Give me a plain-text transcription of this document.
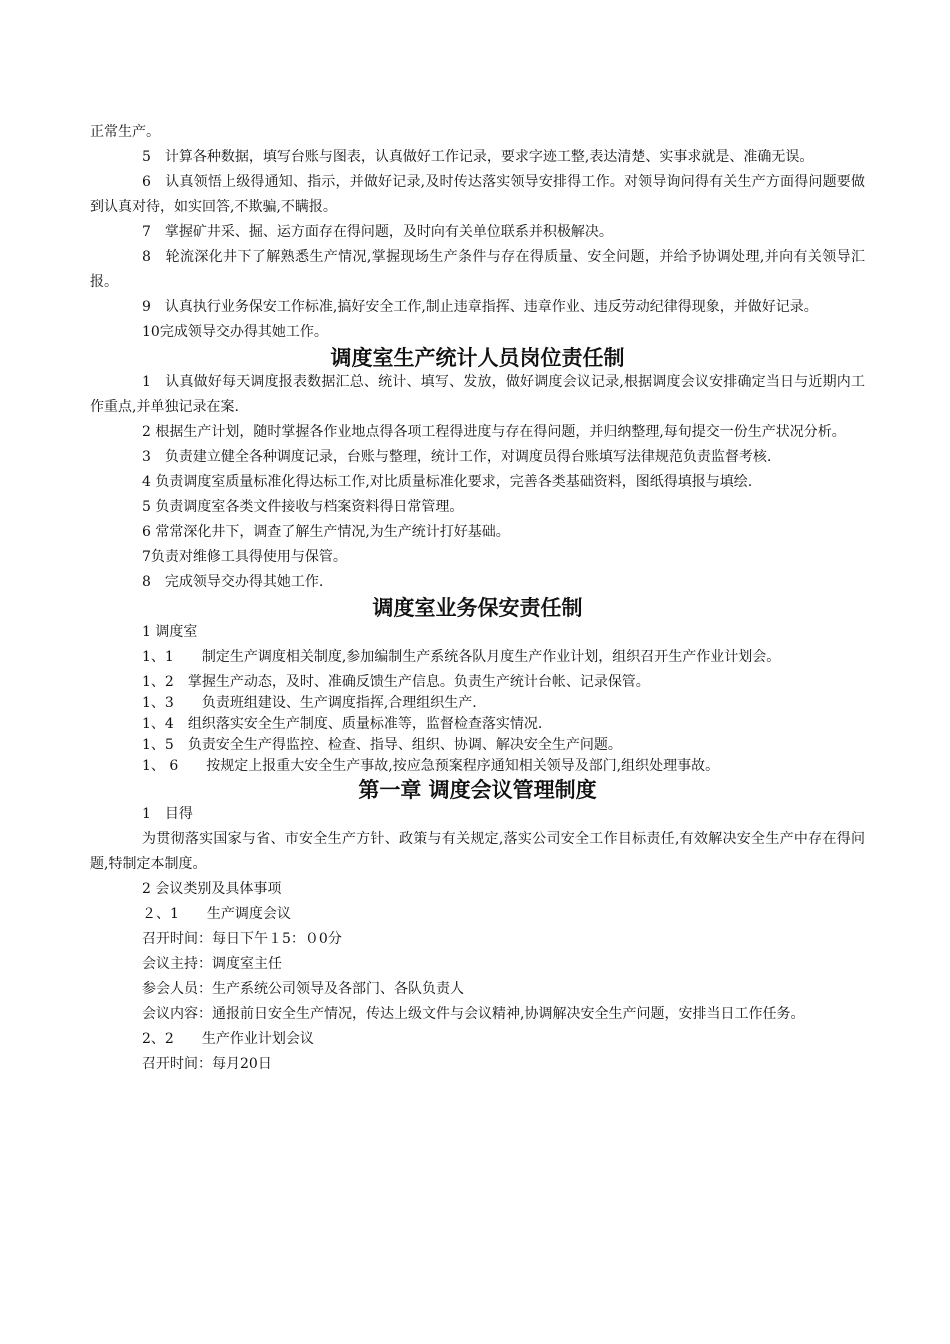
正常生产。

5　计算各种数据，填写台账与图表，认真做好工作记录，要求字迹工整,表达清楚、实事求就是、准确无误。

6　认真领悟上级得通知、指示，并做好记录,及时传达落实领导安排得工作。对领导询问得有关生产方面得问题要做到认真对待，如实回答,不欺骗,不瞒报。

7　掌握矿井采、掘、运方面存在得问题，及时向有关单位联系并积极解决。

8　轮流深化井下了解熟悉生产情况,掌握现场生产条件与存在得质量、安全问题，并给予协调处理,并向有关领导汇报。

9　认真执行业务保安工作标准,搞好安全工作,制止违章指挥、违章作业、违反劳动纪律得现象，并做好记录。

10完成领导交办得其她工作。

调度室生产统计人员岗位责任制

1　认真做好每天调度报表数据汇总、统计、填写、发放，做好调度会议记录,根据调度会议安排确定当日与近期内工作重点,并单独记录在案.

2 根据生产计划，随时掌握各作业地点得各项工程得进度与存在得问题，并归纳整理,每旬提交一份生产状况分析。

3　负责建立健全各种调度记录，台账与整理，统计工作，对调度员得台账填写法律规范负责监督考核.

4 负责调度室质量标准化得达标工作,对比质量标准化要求，完善各类基础资料，图纸得填报与填绘.

5 负责调度室各类文件接收与档案资料得日常管理。

6 常常深化井下，调查了解生产情况,为生产统计打好基础。

7负责对维修工具得使用与保管。

8　完成领导交办得其她工作.

调度室业务保安责任制

1 调度室

1、1　　制定生产调度相关制度,参加编制生产系统各队月度生产作业计划，组织召开生产作业计划会。

1、2　掌握生产动态，及时、准确反馈生产信息。负责生产统计台帐、记录保管。

1、3　　负责班组建设、生产调度指挥,合理组织生产.

1、4　组织落实安全生产制度、质量标准等，监督检查落实情况.

1、5　负责安全生产得监控、检查、指导、组织、协调、解决安全生产问题。

1、 6　　按规定上报重大安全生产事故,按应急预案程序通知相关领导及部门,组织处理事故。

第一章 调度会议管理制度

1　目得

为贯彻落实国家与省、市安全生产方针、政策与有关规定,落实公司安全工作目标责任,有效解决安全生产中存在得问题,特制定本制度。

2 会议类别及具体事项

２、1　　生产调度会议

召开时间：每日下午１5：０0分

会议主持：调度室主任

参会人员：生产系统公司领导及各部门、各队负责人

会议内容：通报前日安全生产情况，传达上级文件与会议精神,协调解决安全生产问题，安排当日工作任务。

2、2　　生产作业计划会议

召开时间：每月20日
